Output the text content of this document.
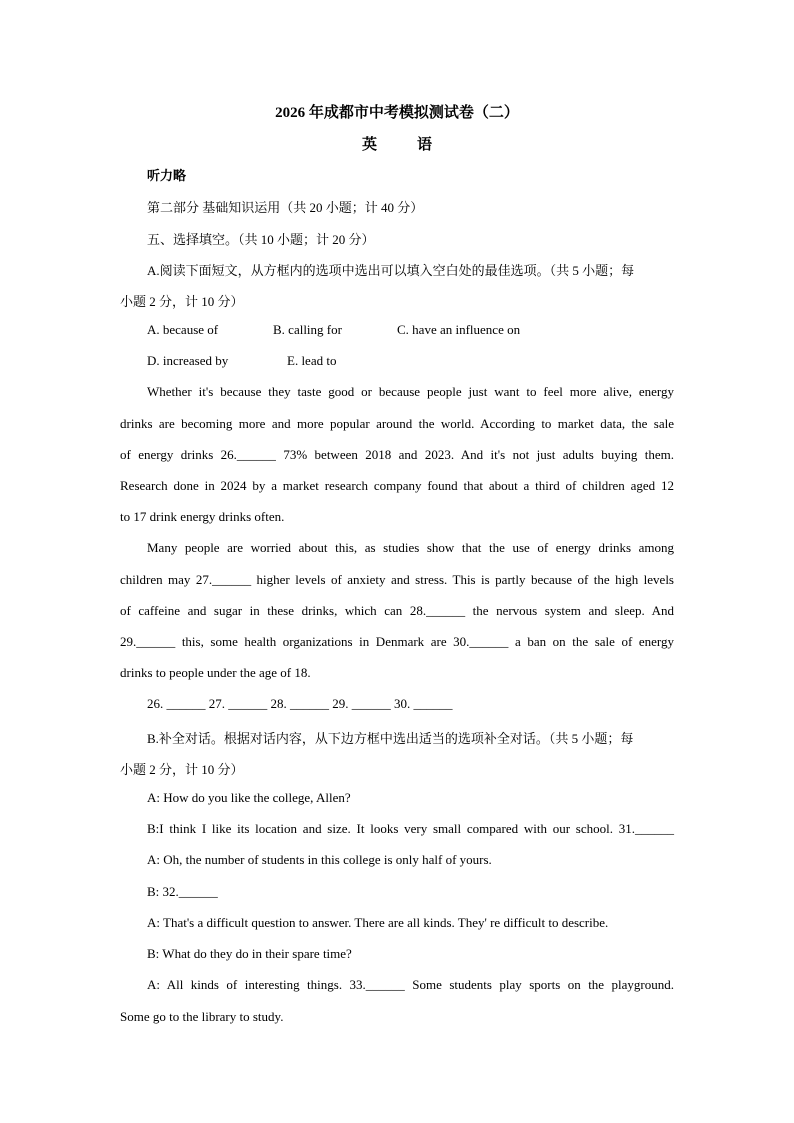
2026 年成都市中考模拟测试卷（二）
英	语
听力略
第二部分 基础知识运用（共 20 小题；计 40 分）
五、选择填空。（共 10 小题；计 20 分）
A.阅读下面短文，从方框内的选项中选出可以填入空白处的最佳选项。（共 5 小题；每
小题 2 分，计 10 分）
A. because of	B. calling for	C. have an influence on
D. increased by	E. lead to
Whether it's because they taste good or because people just want to feel more alive, energy
drinks are becoming more and more popular around the world. According to market data, the sale
of energy drinks 26.______ 73% between 2018 and 2023. And it's not just adults buying them.
Research done in 2024 by a market research company found that about a third of children aged 12
to 17 drink energy drinks often.
Many people are worried about this, as studies show that the use of energy drinks among
children may 27.______ higher levels of anxiety and stress. This is partly because of the high levels
of caffeine and sugar in these drinks, which can 28.______ the nervous system and sleep. And
29.______ this, some health organizations in Denmark are 30.______ a ban on the sale of energy
drinks to people under the age of 18.
26. ______ 27. ______ 28. ______ 29. ______ 30. ______
B.补全对话。根据对话内容，从下边方框中选出适当的选项补全对话。（共 5 小题；每
小题 2 分，计 10 分）
A: How do you like the college, Allen?
B:I think I like its location and size. It looks very small compared with our school. 31.______
A: Oh, the number of students in this college is only half of yours.
B: 32.______
A: That's a difficult question to answer. There are all kinds. They' re difficult to describe.
B: What do they do in their spare time?
A: All kinds of interesting things. 33.______ Some students play sports on the playground.
Some go to the library to study.
